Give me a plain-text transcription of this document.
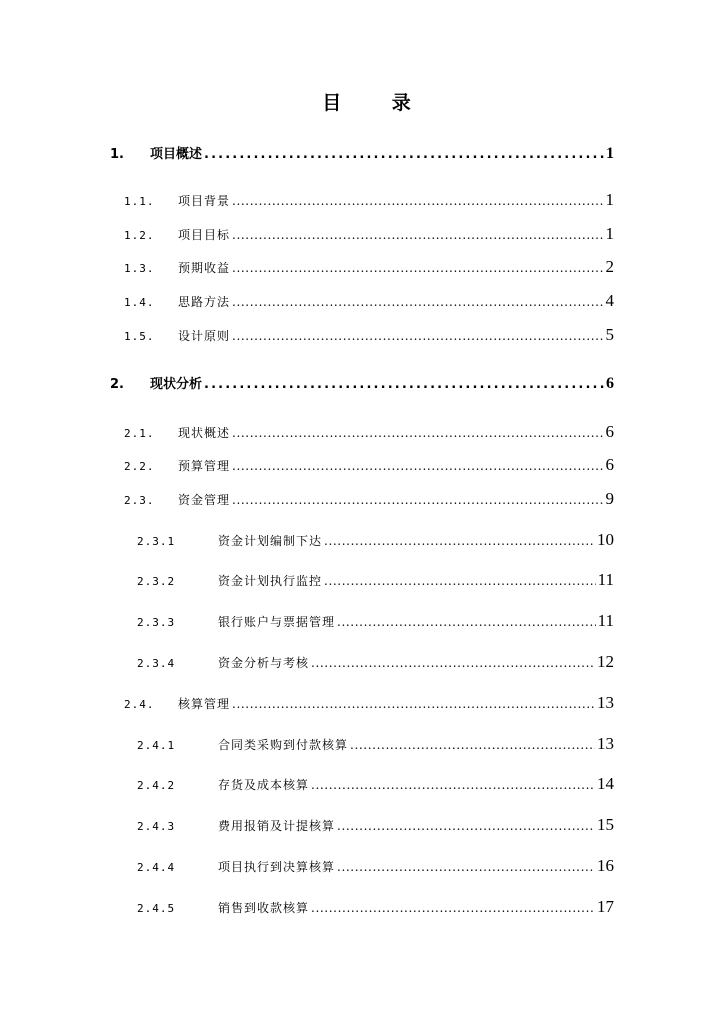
目 录
1.	项目概述 . . .	1
1.1.	项目背景 . . .	1
1.2.	项目目标 . . .	1
1.3.	预期收益 . . .	2
1.4.	思路方法 . . .	4
1.5.	设计原则 . . .	5
2.	现状分析 . . .	6
2.1.	现状概述 . . .	6
2.2.	预算管理 . . .	6
2.3.	资金管理 . . .	9
2.3.1	资金计划编制下达 . . .	10
2.3.2	资金计划执行监控 . . .	11
2.3.3	银行账户与票据管理 . . .	11
2.3.4	资金分析与考核 . . .	12
2.4.	核算管理 . . .	13
2.4.1	合同类采购到付款核算 . . .	13
2.4.2	存货及成本核算 . . .	14
2.4.3	费用报销及计提核算 . . .	15
2.4.4	项目执行到决算核算 . . .	16
2.4.5	销售到收款核算 . . .	17
